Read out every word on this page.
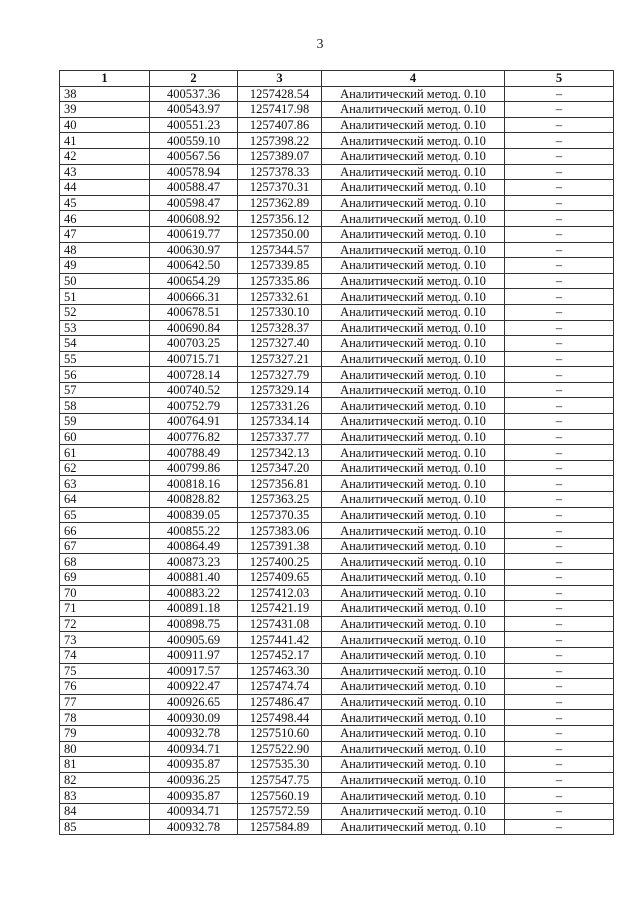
3
1	2	3	4	5
38	400537.36	1257428.54	Аналитический метод. 0.10	–
39	400543.97	1257417.98	Аналитический метод. 0.10	–
40	400551.23	1257407.86	Аналитический метод. 0.10	–
41	400559.10	1257398.22	Аналитический метод. 0.10	–
42	400567.56	1257389.07	Аналитический метод. 0.10	–
43	400578.94	1257378.33	Аналитический метод. 0.10	–
44	400588.47	1257370.31	Аналитический метод. 0.10	–
45	400598.47	1257362.89	Аналитический метод. 0.10	–
46	400608.92	1257356.12	Аналитический метод. 0.10	–
47	400619.77	1257350.00	Аналитический метод. 0.10	–
48	400630.97	1257344.57	Аналитический метод. 0.10	–
49	400642.50	1257339.85	Аналитический метод. 0.10	–
50	400654.29	1257335.86	Аналитический метод. 0.10	–
51	400666.31	1257332.61	Аналитический метод. 0.10	–
52	400678.51	1257330.10	Аналитический метод. 0.10	–
53	400690.84	1257328.37	Аналитический метод. 0.10	–
54	400703.25	1257327.40	Аналитический метод. 0.10	–
55	400715.71	1257327.21	Аналитический метод. 0.10	–
56	400728.14	1257327.79	Аналитический метод. 0.10	–
57	400740.52	1257329.14	Аналитический метод. 0.10	–
58	400752.79	1257331.26	Аналитический метод. 0.10	–
59	400764.91	1257334.14	Аналитический метод. 0.10	–
60	400776.82	1257337.77	Аналитический метод. 0.10	–
61	400788.49	1257342.13	Аналитический метод. 0.10	–
62	400799.86	1257347.20	Аналитический метод. 0.10	–
63	400818.16	1257356.81	Аналитический метод. 0.10	–
64	400828.82	1257363.25	Аналитический метод. 0.10	–
65	400839.05	1257370.35	Аналитический метод. 0.10	–
66	400855.22	1257383.06	Аналитический метод. 0.10	–
67	400864.49	1257391.38	Аналитический метод. 0.10	–
68	400873.23	1257400.25	Аналитический метод. 0.10	–
69	400881.40	1257409.65	Аналитический метод. 0.10	–
70	400883.22	1257412.03	Аналитический метод. 0.10	–
71	400891.18	1257421.19	Аналитический метод. 0.10	–
72	400898.75	1257431.08	Аналитический метод. 0.10	–
73	400905.69	1257441.42	Аналитический метод. 0.10	–
74	400911.97	1257452.17	Аналитический метод. 0.10	–
75	400917.57	1257463.30	Аналитический метод. 0.10	–
76	400922.47	1257474.74	Аналитический метод. 0.10	–
77	400926.65	1257486.47	Аналитический метод. 0.10	–
78	400930.09	1257498.44	Аналитический метод. 0.10	–
79	400932.78	1257510.60	Аналитический метод. 0.10	–
80	400934.71	1257522.90	Аналитический метод. 0.10	–
81	400935.87	1257535.30	Аналитический метод. 0.10	–
82	400936.25	1257547.75	Аналитический метод. 0.10	–
83	400935.87	1257560.19	Аналитический метод. 0.10	–
84	400934.71	1257572.59	Аналитический метод. 0.10	–
85	400932.78	1257584.89	Аналитический метод. 0.10	–
